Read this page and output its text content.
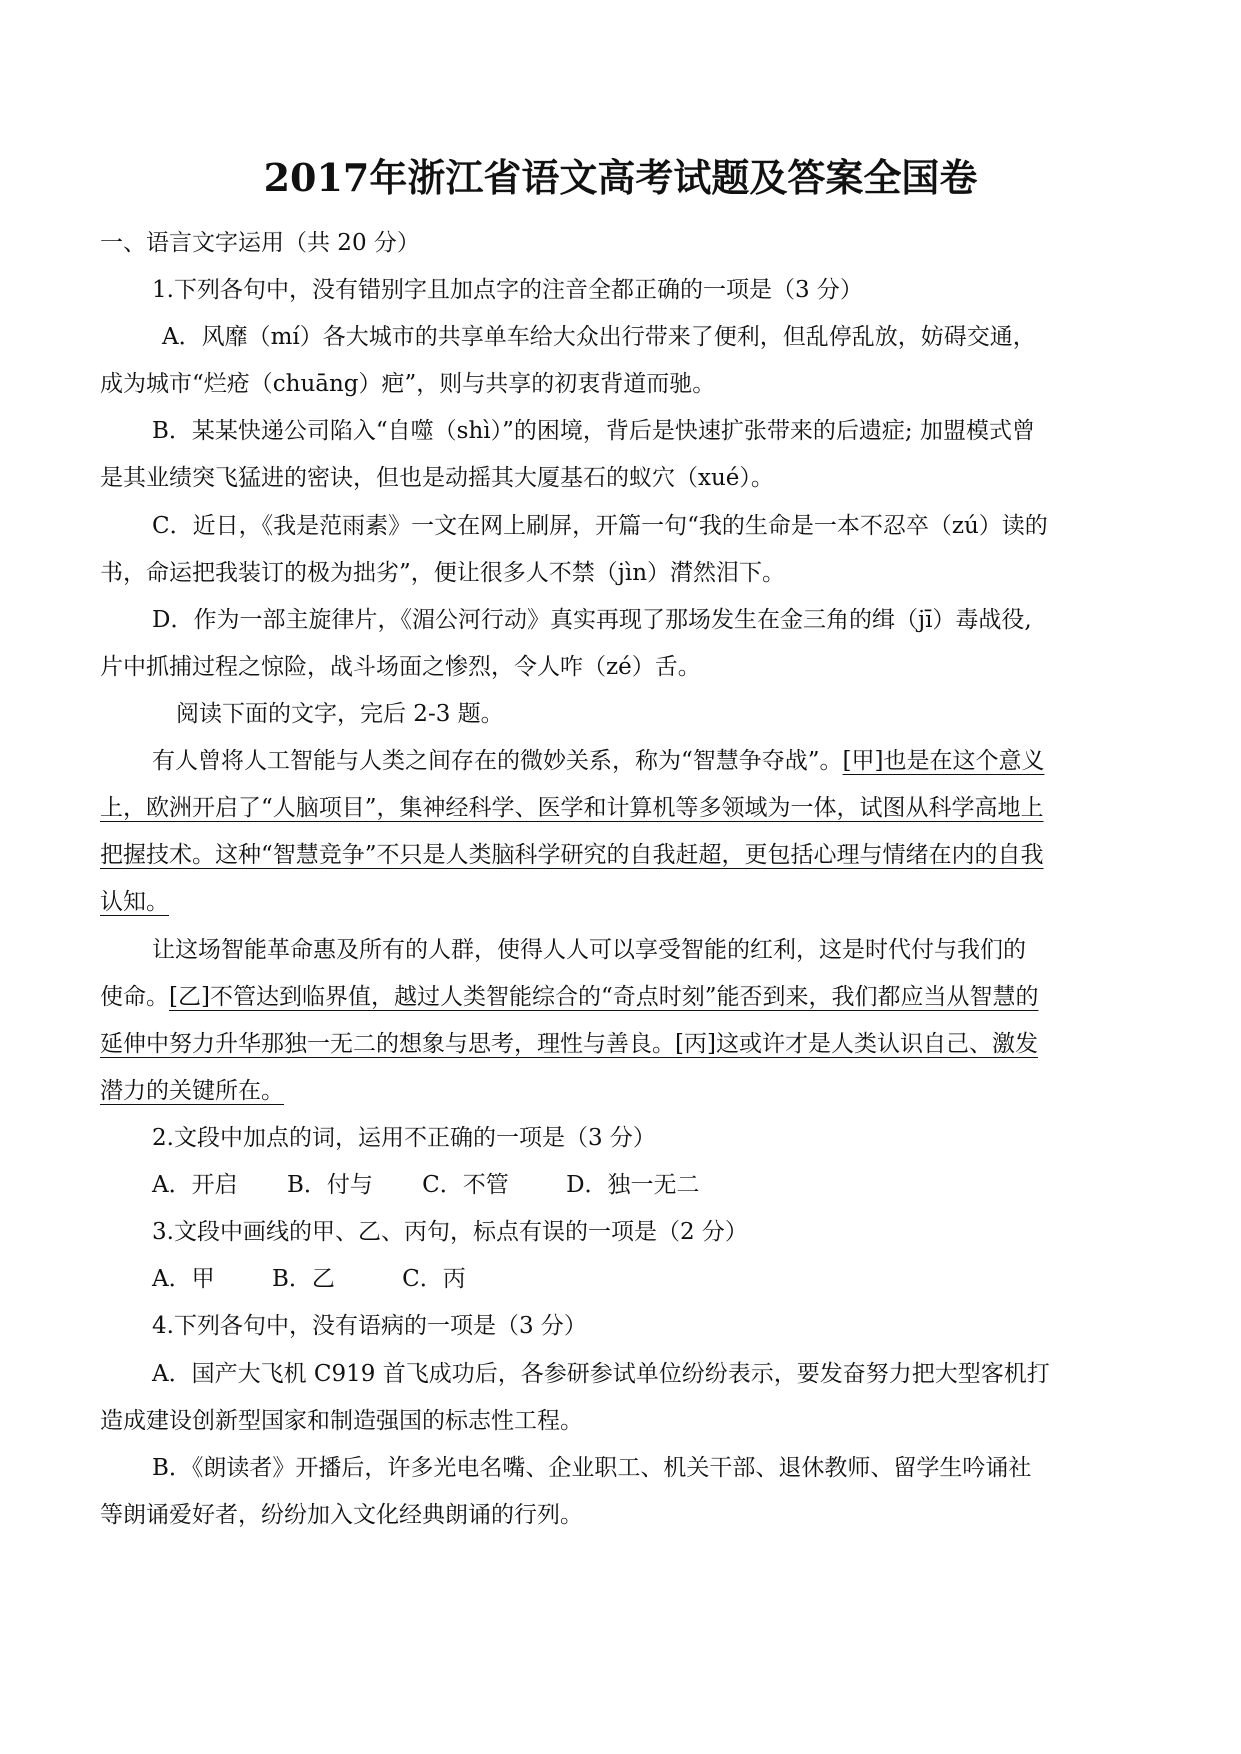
2017年浙江省语文高考试题及答案全国卷
一、语言文字运用（共 20 分）
1.下列各句中，没有错别字且加点字的注音全都正确的一项是（3 分）
A．风靡（mí）各大城市的共享单车给大众出行带来了便利，但乱停乱放，妨碍交通，
成为城市“烂疮（chuāng）疤”，则与共享的初衷背道而驰。
B．某某快递公司陷入“自噬（shì）”的困境，背后是快速扩张带来的后遗症; 加盟模式曾
是其业绩突飞猛进的密诀，但也是动摇其大厦基石的蚁穴（xué）。
C．近日，《我是范雨素》一文在网上刷屏，开篇一句“我的生命是一本不忍卒（zú）读的
书，命运把我装订的极为拙劣”，便让很多人不禁（jìn）潸然泪下。
D．作为一部主旋律片，《湄公河行动》真实再现了那场发生在金三角的缉（jī）毒战役,
片中抓捕过程之惊险，战斗场面之惨烈，令人咋（zé）舌。
阅读下面的文字，完后 2-3 题。
有人曾将人工智能与人类之间存在的微妙关系，称为“智慧争夺战”。[甲]也是在这个意义
上，欧洲开启了“人脑项目”，集神经科学、医学和计算机等多领域为一体，试图从科学高地上
把握技术。这种“智慧竞争”不只是人类脑科学研究的自我赶超，更包括心理与情绪在内的自我
认知。
让这场智能革命惠及所有的人群，使得人人可以享受智能的红利，这是时代付与我们的
使命。[乙]不管达到临界值，越过人类智能综合的“奇点时刻”能否到来，我们都应当从智慧的
延伸中努力升华那独一无二的想象与思考，理性与善良。[丙]这或许才是人类认识自己、激发
潜力的关键所在。
2.文段中加点的词，运用不正确的一项是（3 分）
A．开启 B．付与 C．不管 D．独一无二
3.文段中画线的甲、乙、丙句，标点有误的一项是（2 分）
A．甲 B．乙	C．丙
4.下列各句中，没有语病的一项是（3 分）
A．国产大飞机 C919 首飞成功后，各参研参试单位纷纷表示，要发奋努力把大型客机打
造成建设创新型国家和制造强国的标志性工程。
B．《朗读者》开播后，许多光电名嘴、企业职工、机关干部、退休教师、留学生吟诵社
等朗诵爱好者，纷纷加入文化经典朗诵的行列。
